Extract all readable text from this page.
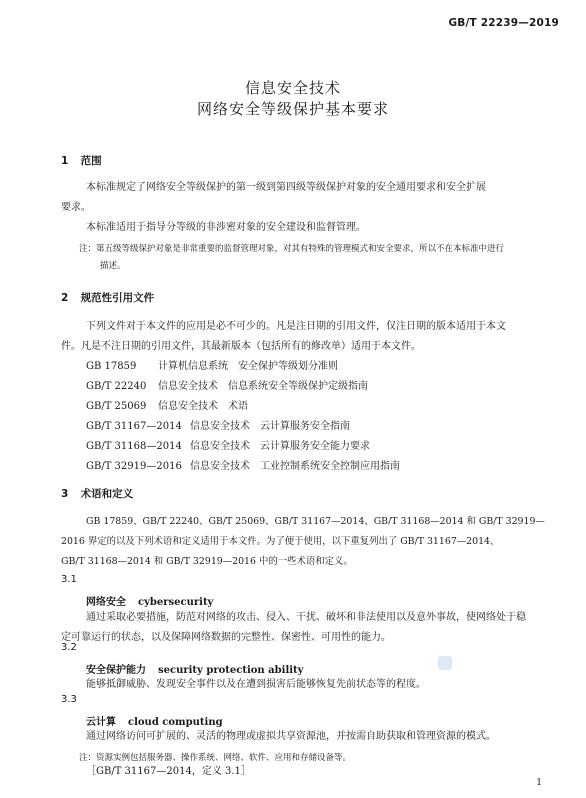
GB/T 22239—2019
信息安全技术
网络安全等级保护基本要求
1 范围
本标准规定了网络安全等级保护的第一级到第四级等级保护对象的安全通用要求和安全扩展
要求。
本标准适用于指导分等级的非涉密对象的安全建设和监督管理。
注：第五级等级保护对象是非常重要的监督管理对象，对其有特殊的管理模式和安全要求，所以不在本标准中进行
描述。
2 规范性引用文件
下列文件对于本文件的应用是必不可少的。凡是注日期的引用文件，仅注日期的版本适用于本文
件。凡是不注日期的引用文件，其最新版本（包括所有的修改单）适用于本文件。
GB 17859 计算机信息系统　安全保护等级划分准则
GB/T 22240 信息安全技术　信息系统安全等级保护定级指南
GB/T 25069 信息安全技术　术语
GB/T 31167—2014 信息安全技术　云计算服务安全指南
GB/T 31168—2014 信息安全技术　云计算服务安全能力要求
GB/T 32919—2016 信息安全技术　工业控制系统安全控制应用指南
3 术语和定义
GB 17859、GB/T 22240、GB/T 25069、GB/T 31167—2014、GB/T 31168—2014 和 GB/T 32919—
2016 界定的以及下列术语和定义适用于本文件。为了便于使用，以下重复列出了 GB/T 31167—2014、
GB/T 31168—2014 和 GB/T 32919—2016 中的一些术语和定义。
3.1
网络安全 cybersecurity
通过采取必要措施，防范对网络的攻击、侵入、干扰、破坏和非法使用以及意外事故，使网络处于稳
定可靠运行的状态，以及保障网络数据的完整性、保密性、可用性的能力。
3.2
安全保护能力 security protection ability
能够抵御威胁、发现安全事件以及在遭到损害后能够恢复先前状态等的程度。
3.3
云计算 cloud computing
通过网络访问可扩展的、灵活的物理或虚拟共享资源池，并按需自助获取和管理资源的模式。
注：资源实例包括服务器、操作系统、网络、软件、应用和存储设备等。
［GB/T 31167—2014，定义 3.1］
1
